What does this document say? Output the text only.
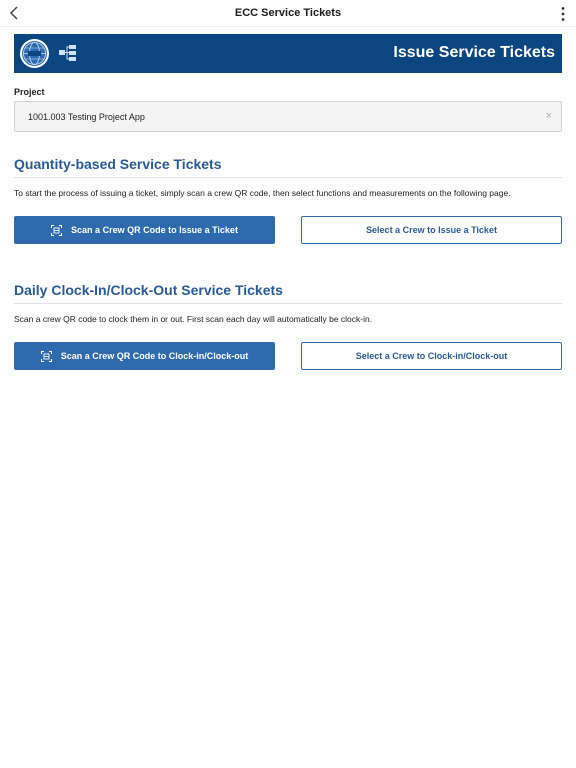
ECC Service Tickets
Issue Service Tickets
Project
1001.003 Testing Project App	×
Quantity-based Service Tickets
To start the process of issuing a ticket, simply scan a crew QR code, then select functions and measurements on the following page.
Scan a Crew QR Code to Issue a Ticket	Select a Crew to Issue a Ticket
Daily Clock-In/Clock-Out Service Tickets
Scan a crew QR code to clock them in or out. First scan each day will automatically be clock-in.
Scan a Crew QR Code to Clock-in/Clock-out	Select a Crew to Clock-in/Clock-out
